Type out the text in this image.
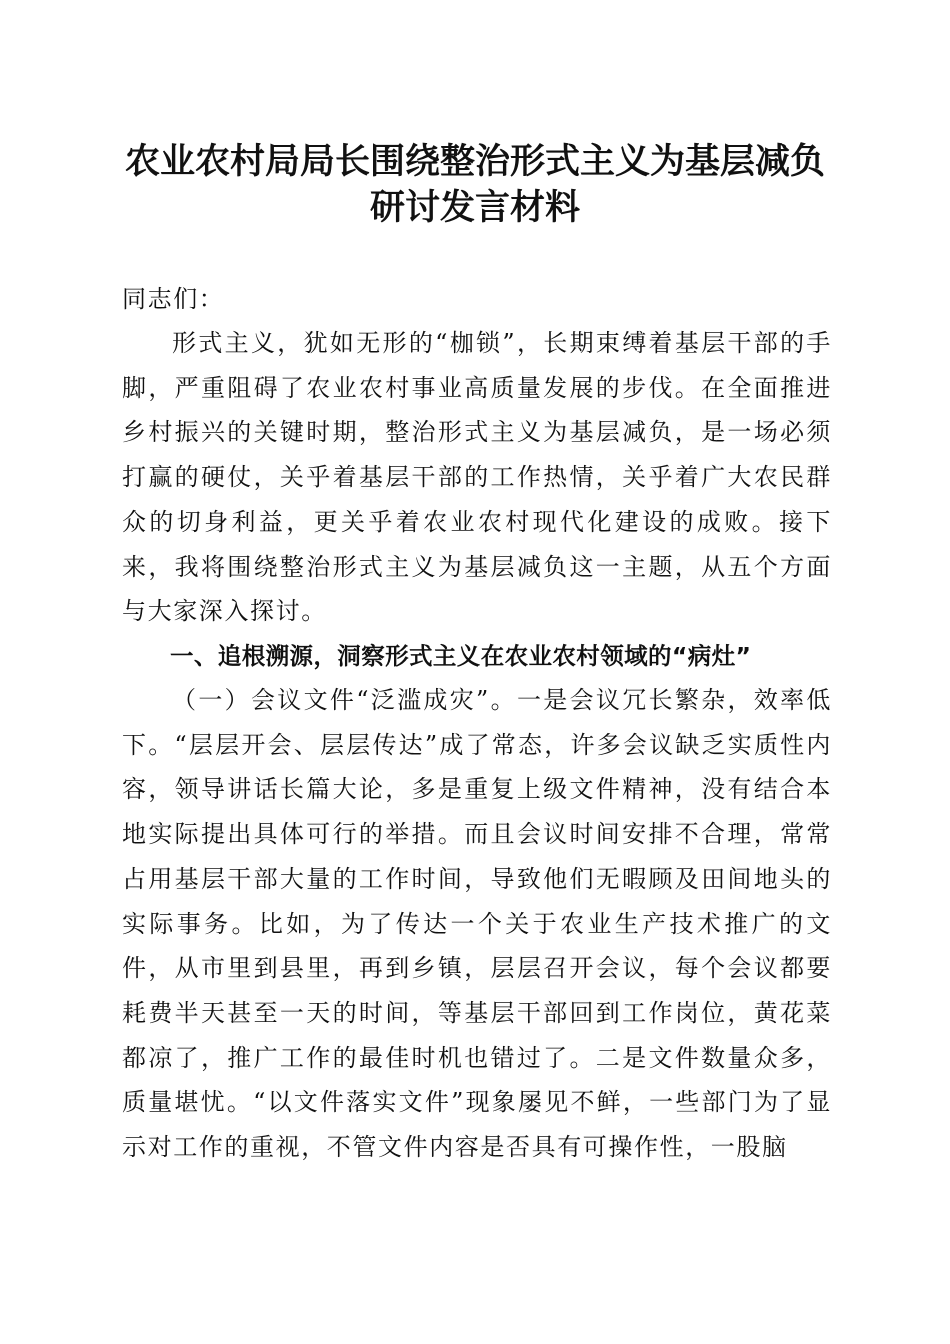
农业农村局局长围绕整治形式主义为基层减负
研讨发言材料

同志们：

形式主义，犹如无形的“枷锁”，长期束缚着基层干部的手脚，严重阻碍了农业农村事业高质量发展的步伐。在全面推进乡村振兴的关键时期，整治形式主义为基层减负，是一场必须打赢的硬仗，关乎着基层干部的工作热情，关乎着广大农民群众的切身利益，更关乎着农业农村现代化建设的成败。接下来，我将围绕整治形式主义为基层减负这一主题，从五个方面与大家深入探讨。

一、追根溯源，洞察形式主义在农业农村领域的“病灶”

（一）会议文件“泛滥成灾”。一是会议冗长繁杂，效率低下。“层层开会、层层传达”成了常态，许多会议缺乏实质性内容，领导讲话长篇大论，多是重复上级文件精神，没有结合本地实际提出具体可行的举措。而且会议时间安排不合理，常常占用基层干部大量的工作时间，导致他们无暇顾及田间地头的实际事务。比如，为了传达一个关于农业生产技术推广的文件，从市里到县里，再到乡镇，层层召开会议，每个会议都要耗费半天甚至一天的时间，等基层干部回到工作岗位，黄花菜都凉了，推广工作的最佳时机也错过了。二是文件数量众多，质量堪忧。“以文件落实文件”现象屡见不鲜，一些部门为了显示对工作的重视，不管文件内容是否具有可操作性，一股脑
